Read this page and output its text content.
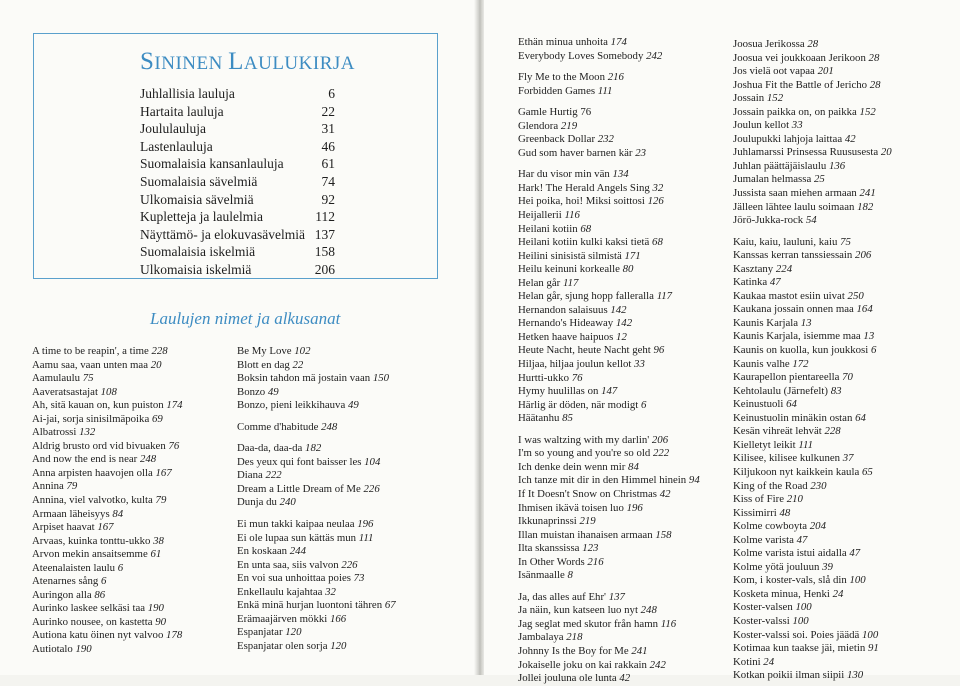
SININEN LAULUKIRJA
Juhlallisia lauluja	6
Hartaita lauluja	22
Joululauluja	31
Lastenlauluja	46
Suomalaisia kansanlauluja	61
Suomalaisia sävelmiä	74
Ulkomaisia sävelmiä	92
Kupletteja ja laulelmia	112
Näyttämö- ja elokuvasävelmiä 137
Suomalaisia iskelmiä	158
Ulkomaisia iskelmiä	206
Laulujen nimet ja alkusanat
A time to be reapin', a time 228
Aamu saa, vaan unten maa 20
Aamulaulu 75
Aaveratsastajat 108
Ah, sitä kauan on, kun puiston 174
Ai-jai, sorja sinisilmäpoika 69
Albatrossi 132
Aldrig brusto ord vid bivuaken 76
And now the end is near 248
Anna arpisten haavojen olla 167
Annina 79
Annina, viel valvotko, kulta 79
Armaan läheisyys 84
Arpiset haavat 167
Arvaas, kuinka tonttu-ukko 38
Arvon mekin ansaitsemme 61
Ateenalaisten laulu 6
Atenarnes sång 6
Auringon alla 86
Aurinko laskee selkäsi taa 190
Aurinko nousee, on kastetta 90
Autiona katu öinen nyt valvoo 178
Autiotalo 190
Be My Love 102
Blott en dag 22
Boksin tahdon mä jostain vaan 150
Bonzo 49
Bonzo, pieni leikkihauva 49
Comme d'habitude 248
Daa-da, daa-da 182
Des yeux qui font baisser les 104
Diana 222
Dream a Little Dream of Me 226
Dunja du 240
Ei mun takki kaipaa neulaa 196
Ei ole lupaa sun kättäs mun 111
En koskaan 244
En unta saa, siis valvon 226
En voi sua unhoittaa poies 73
Enkellaulu kajahtaa 32
Enkä minä hurjan luontoni tähren 67
Erämaajärven mökki 166
Espanjatar 120
Espanjatar olen sorja 120
Ethän minua unhoita 174
Everybody Loves Somebody 242
Fly Me to the Moon 216
Forbidden Games 111
Gamle Hurtig 76
Glendora 219
Greenback Dollar 232
Gud som haver barnen kär 23
Har du visor min vän 134
Hark! The Herald Angels Sing 32
Hei poika, hoi! Miksi soittosi 126
Heijallerii 116
Heilani kotiin 68
Heilani kotiin kulki kaksi tietä 68
Heilini sinisistä silmistä 171
Heilu keinuni korkealle 80
Helan går 117
Helan går, sjung hopp falleralla 117
Hernandon salaisuus 142
Hernando's Hideaway 142
Hetken haave haipuos 12
Heute Nacht, heute Nacht geht 96
Hiljaa, hiljaa joulun kellot 33
Hurtti-ukko 76
Hymy huulillas on 147
Härlig är döden, när modigt 6
Häätanhu 85
I was waltzing with my darlin' 206
I'm so young and you're so old 222
Ich denke dein wenn mir 84
Ich tanze mit dir in den Himmel hinein 94
If It Doesn't Snow on Christmas 42
Ihmisen ikävä toisen luo 196
Ikkunaprinssi 219
Illan muistan ihanaisen armaan 158
Ilta skanssissa 123
In Other Words 216
Isänmaalle 8
Ja, das alles auf Ehr' 137
Ja näin, kun katseen luo nyt 248
Jag seglat med skutor från hamn 116
Jambalaya 218
Johnny Is the Boy for Me 241
Jokaiselle joku on kai rakkain 242
Jollei jouluna ole lunta 42
Joosua Jerikossa 28
Joosua vei joukkoaan Jerikoon 28
Jos vielä oot vapaa 201
Joshua Fit the Battle of Jericho 28
Jossain 152
Jossain paikka on, on paikka 152
Joulun kellot 33
Joulupukki lahjoja laittaa 42
Juhlamarssi Prinsessa Ruususesta 20
Juhlan päättäjäislaulu 136
Jumalan helmassa 25
Jussista saan miehen armaan 241
Jälleen lähtee laulu soimaan 182
Jörö-Jukka-rock 54
Kaiu, kaiu, lauluni, kaiu 75
Kanssas kerran tanssiessain 206
Kasztany 224
Katinka 47
Kaukaa mastot esiin uivat 250
Kaukana jossain onnen maa 164
Kaunis Karjala 13
Kaunis Karjala, isiemme maa 13
Kaunis on kuolla, kun joukkosi 6
Kaunis valhe 172
Kaurapellon pientareella 70
Kehtolaulu (Järnefelt) 83
Keinustuoli 64
Keinustuolin minäkin ostan 64
Kesän vihreät lehvät 228
Kielletyt leikit 111
Kilisee, kilisee kulkunen 37
Kiljukoon nyt kaikkein kaula 65
King of the Road 230
Kiss of Fire 210
Kissimirri 48
Kolme cowboyta 204
Kolme varista 47
Kolme varista istui aidalla 47
Kolme yötä jouluun 39
Kom, i koster-vals, slå din 100
Kosketa minua, Henki 24
Koster-valsen 100
Koster-valssi 100
Koster-valssi soi. Poies jäädä 100
Kotimaa kun taakse jäi, mietin 91
Kotini 24
Kotkan poikii ilman siipii 130
